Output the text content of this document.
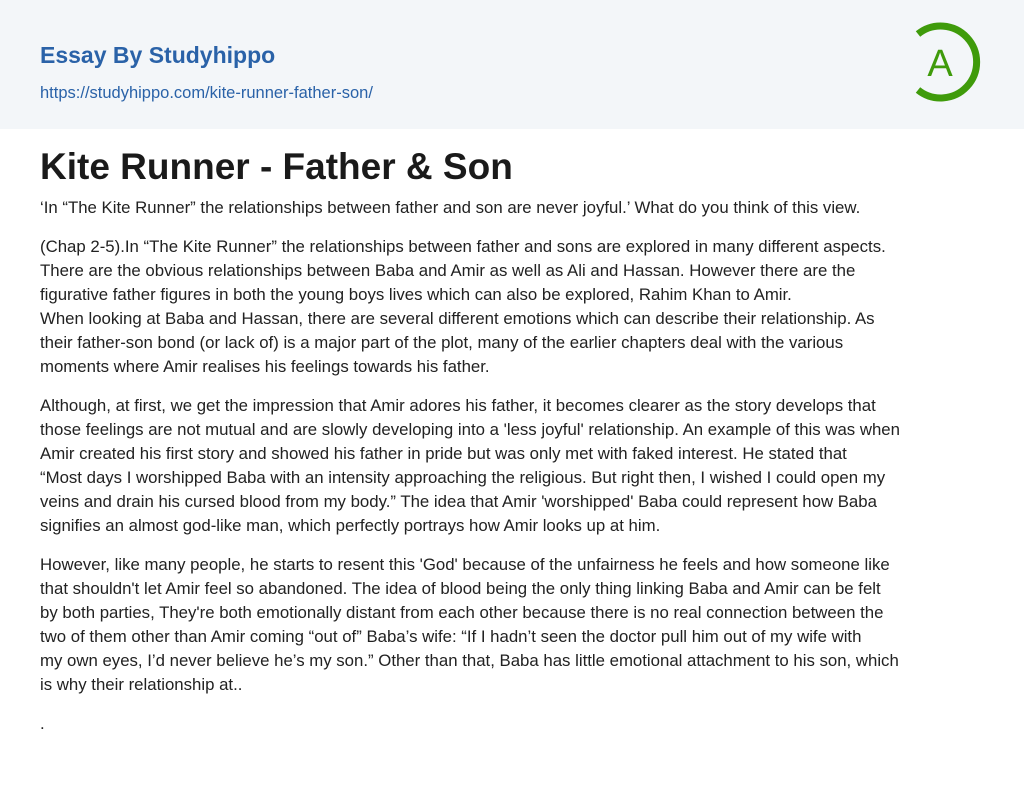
Essay By Studyhippo
https://studyhippo.com/kite-runner-father-son/
A
Kite Runner - Father & Son

‘In “The Kite Runner” the relationships between father and son are never joyful.’ What do you think of this view.

(Chap 2-5).In “The Kite Runner” the relationships between father and sons are explored in many different aspects.
There are the obvious relationships between Baba and Amir as well as Ali and Hassan. However there are the
figurative father figures in both the young boys lives which can also be explored, Rahim Khan to Amir.
When looking at Baba and Hassan, there are several different emotions which can describe their relationship. As
their father-son bond (or lack of) is a major part of the plot, many of the earlier chapters deal with the various
moments where Amir realises his feelings towards his father.

Although, at first, we get the impression that Amir adores his father, it becomes clearer as the story develops that
those feelings are not mutual and are slowly developing into a 'less joyful' relationship. An example of this was when
Amir created his first story and showed his father in pride but was only met with faked interest. He stated that
“Most days I worshipped Baba with an intensity approaching the religious. But right then, I wished I could open my
veins and drain his cursed blood from my body.” The idea that Amir 'worshipped' Baba could represent how Baba
signifies an almost god-like man, which perfectly portrays how Amir looks up at him.

However, like many people, he starts to resent this 'God' because of the unfairness he feels and how someone like
that shouldn't let Amir feel so abandoned. The idea of blood being the only thing linking Baba and Amir can be felt
by both parties, They're both emotionally distant from each other because there is no real connection between the
two of them other than Amir coming “out of” Baba’s wife: “If I hadn’t seen the doctor pull him out of my wife with
my own eyes, I’d never believe he’s my son.” Other than that, Baba has little emotional attachment to his son, which
is why their relationship at..

.
